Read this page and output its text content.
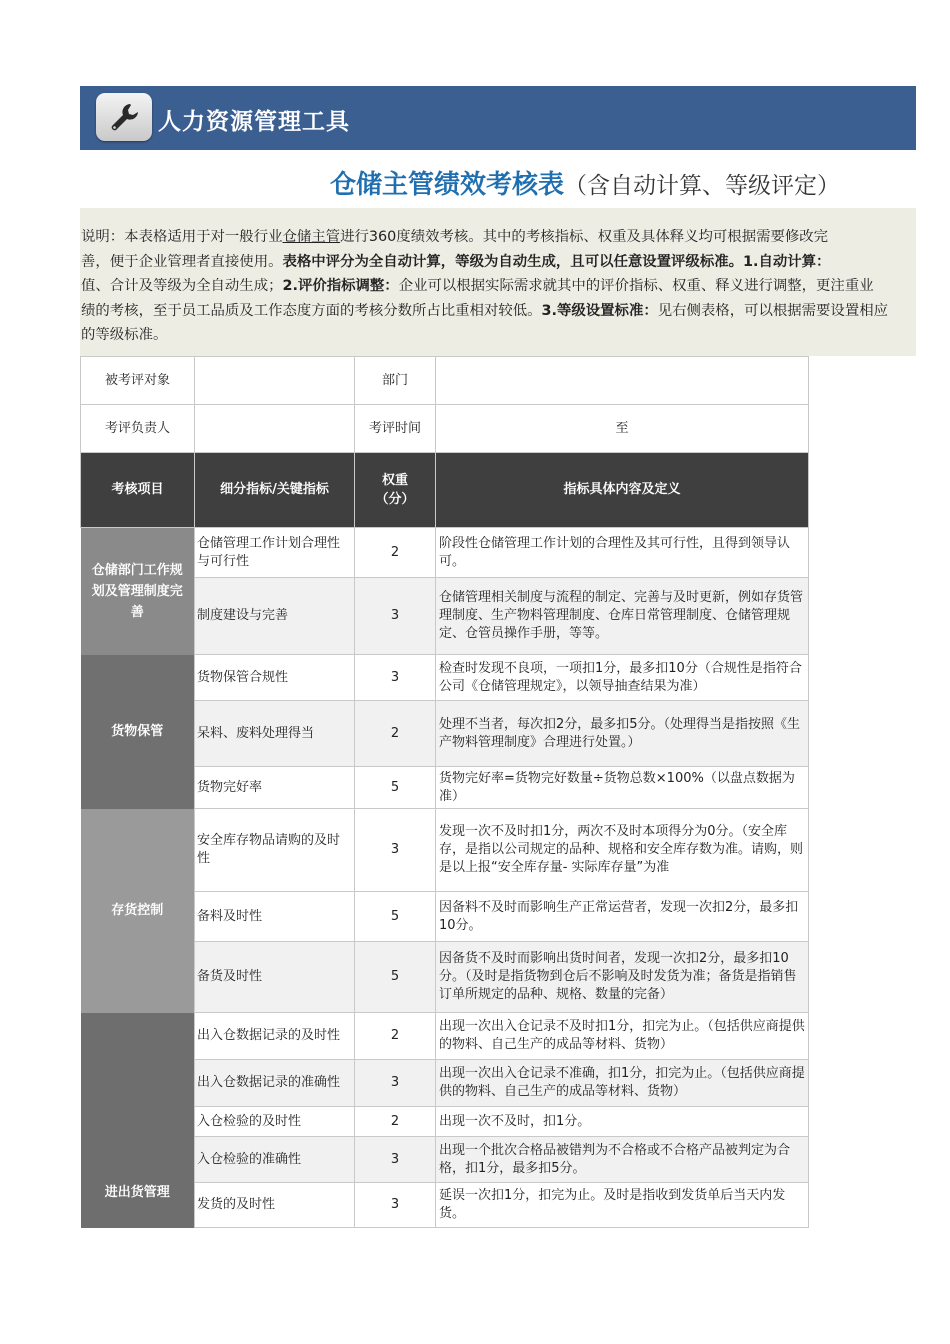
人力资源管理工具
仓储主管绩效考核表（含自动计算、等级评定）
说明：本表格适用于对一般行业仓储主管进行360度绩效考核。其中的考核指标、权重及具体释义均可根据需要修改完
善，便于企业管理者直接使用。表格中评分为全自动计算，等级为自动生成，且可以任意设置评级标准。1.自动计算：
值、合计及等级为全自动生成；2.评价指标调整：企业可以根据实际需求就其中的评价指标、权重、释义进行调整，更注重业
绩的考核，至于员工品质及工作态度方面的考核分数所占比重相对较低。3.等级设置标准：见右侧表格，可以根据需要设置相应
的等级标准。
被考评对象		部门	
考评负责人		考评时间	至
考核项目	细分指标/关键指标	权重（分）	指标具体内容及定义
仓储部门工作规划及管理制度完善	仓储管理工作计划合理性与可行性	2	阶段性仓储管理工作计划的合理性及其可行性，且得到领导认可。
	制度建设与完善	3	仓储管理相关制度与流程的制定、完善与及时更新，例如存货管理制度、生产物料管理制度、仓库日常管理制度、仓储管理规定、仓管员操作手册，等等。
货物保管	货物保管合规性	3	检查时发现不良项，一项扣1分，最多扣10分（合规性是指符合公司《仓储管理规定》，以领导抽查结果为准）
	呆料、废料处理得当	2	处理不当者，每次扣2分，最多扣5分。（处理得当是指按照《生产物料管理制度》合理进行处置。）
	货物完好率	5	货物完好率=货物完好数量÷货物总数×100%（以盘点数据为准）
存货控制	安全库存物品请购的及时性	3	发现一次不及时扣1分，两次不及时本项得分为0分。（安全库存，是指以公司规定的品种、规格和安全库存数为准。请购，则是以上报“安全库存量- 实际库存量”为准
	备料及时性	5	因备料不及时而影响生产正常运营者，发现一次扣2分，最多扣10分。
	备货及时性	5	因备货不及时而影响出货时间者，发现一次扣2分，最多扣10分。（及时是指货物到仓后不影响及时发货为准；备货是指销售订单所规定的品种、规格、数量的完备）
进出货管理	出入仓数据记录的及时性	2	出现一次出入仓记录不及时扣1分，扣完为止。（包括供应商提供的物料、自己生产的成品等材料、货物）
	出入仓数据记录的准确性	3	出现一次出入仓记录不准确，扣1分，扣完为止。（包括供应商提供的物料、自己生产的成品等材料、货物）
	入仓检验的及时性	2	出现一次不及时，扣1分。
	入仓检验的准确性	3	出现一个批次合格品被错判为不合格或不合格产品被判定为合格，扣1分，最多扣5分。
	发货的及时性	3	延误一次扣1分，扣完为止。及时是指收到发货单后当天内发货。
